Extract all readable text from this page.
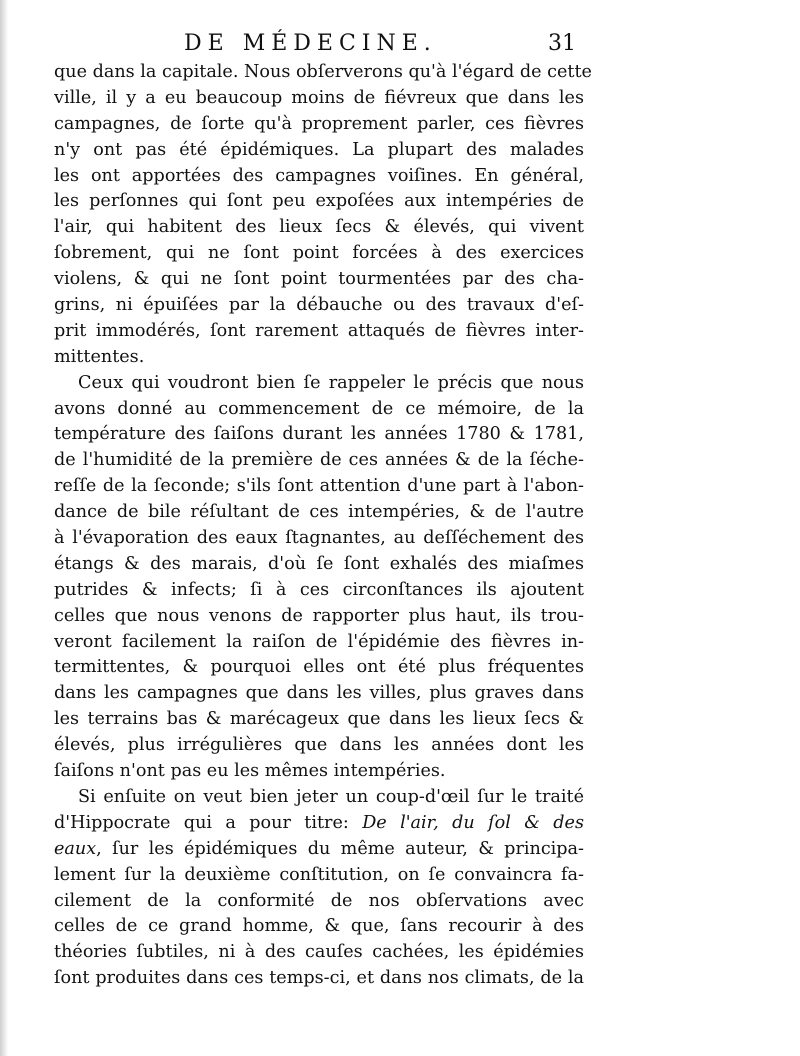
DE MÉDECINE.	31
que dans la capitale. Nous obſerverons qu'à l'égard de cette
ville, il y a eu beaucoup moins de fiévreux que dans les
campagnes, de ſorte qu'à proprement parler, ces fièvres
n'y ont pas été épidémiques. La plupart des malades
les ont apportées des campagnes voiſines. En général,
les perſonnes qui ſont peu expoſées aux intempéries de
l'air, qui habitent des lieux ſecs & élevés, qui vivent
ſobrement, qui ne ſont point forcées à des exercices
violens, & qui ne ſont point tourmentées par des cha-
grins, ni épuiſées par la débauche ou des travaux d'eſ-
prit immodérés, ſont rarement attaqués de fièvres inter-
mittentes.
Ceux qui voudront bien ſe rappeler le précis que nous
avons donné au commencement de ce mémoire, de la
température des ſaiſons durant les années 1780 & 1781,
de l'humidité de la première de ces années & de la ſéche-
reſſe de la ſeconde; s'ils ſont attention d'une part à l'abon-
dance de bile réſultant de ces intempéries, & de l'autre
à l'évaporation des eaux ſtagnantes, au deſſéchement des
étangs & des marais, d'où ſe ſont exhalés des miaſmes
putrides & infects; ſi à ces circonſtances ils ajoutent
celles que nous venons de rapporter plus haut, ils trou-
veront facilement la raiſon de l'épidémie des fièvres in-
termittentes, & pourquoi elles ont été plus fréquentes
dans les campagnes que dans les villes, plus graves dans
les terrains bas & marécageux que dans les lieux ſecs &
élevés, plus irrégulières que dans les années dont les
ſaiſons n'ont pas eu les mêmes intempéries.
Si enſuite on veut bien jeter un coup-d'œil ſur le traité
d'Hippocrate qui a pour titre: De l'air, du ſol & des
eaux, ſur les épidémiques du même auteur, & principa-
lement ſur la deuxième conſtitution, on ſe convaincra fa-
cilement de la conformité de nos obſervations avec
celles de ce grand homme, & que, ſans recourir à des
théories ſubtiles, ni à des cauſes cachées, les épidémies
ſont produites dans ces temps-ci, et dans nos climats, de la
